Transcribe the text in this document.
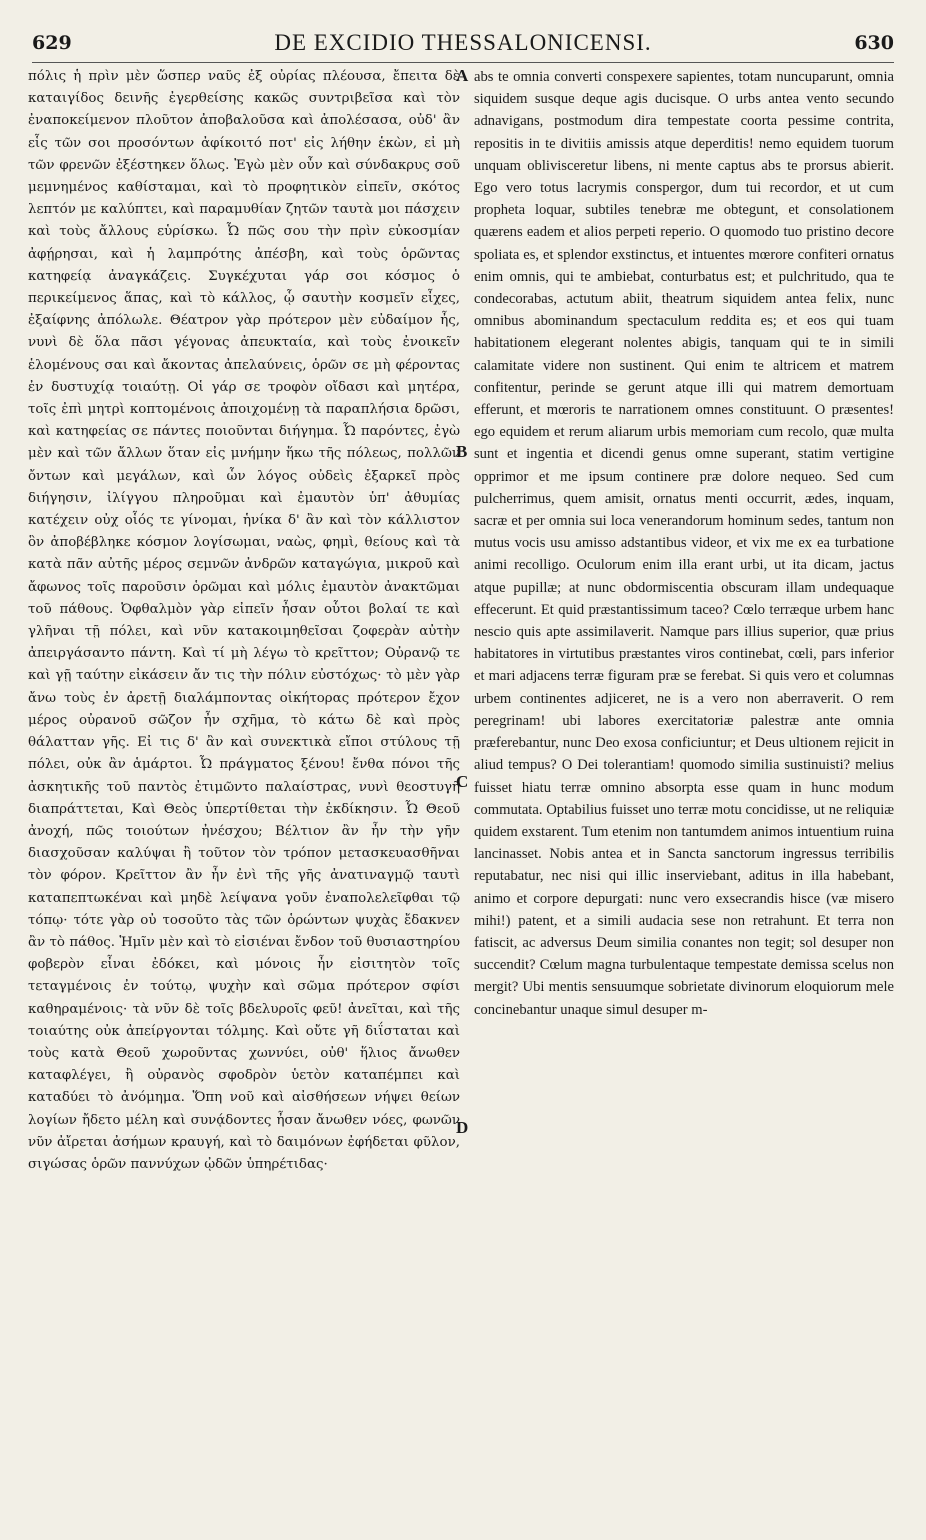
629	DE EXCIDIO THESSALONICENSI.	630

πόλις ἡ πρὶν μὲν ὥσπερ ναῦς ἐξ οὐρίας πλέουσα, ἔπειτα δὲ καταιγίδος δεινῆς ἐγερθείσης κακῶς συντριβεῖσα καὶ τὸν ἐναποκείμενον πλοῦτον ἀποβαλοῦσα καὶ ἀπολέσασα, οὐδ' ἂν εἷς τῶν σοι προσόντων ἀφίκοιτό ποτ' εἰς λήθην ἑκὼν, εἰ μὴ τῶν φρενῶν ἐξέστηκεν ὅλως. Ἐγὼ μὲν οὖν καὶ σύνδακρυς σοῦ μεμνημένος καθίσταμαι, καὶ τὸ προφητικὸν εἰπεῖν, σκότος λεπτόν με καλύπτει, καὶ παραμυθίαν ζητῶν ταυτὰ μοι πάσχειν καὶ τοὺς ἄλλους εὑρίσκω. Ὦ πῶς σου τὴν πρὶν εὐκοσμίαν ἀφῄρησαι, καὶ ἡ λαμπρότης ἀπέσβη, καὶ τοὺς ὁρῶντας κατηφείᾳ ἀναγκάζεις. Συγκέχυται γάρ σοι κόσμος ὁ περικείμενος ἅπας, καὶ τὸ κάλλος, ᾧ σαυτὴν κοσμεῖν εἶχες, ἐξαίφνης ἀπόλωλε. Θέατρον γὰρ πρότερον μὲν εὐδαίμον ἦς, νυνὶ δὲ ὅλα πᾶσι γέγονας ἀπευκταία, καὶ τοὺς ἐνοικεῖν ἑλομένους σαι καὶ ἄκοντας ἀπελαύνεις, ὁρῶν σε μὴ φέροντας ἐν δυστυχίᾳ τοιαύτῃ. Οἱ γάρ σε τροφὸν οἴδασι καὶ μητέρα, τοῖς ἐπὶ μητρὶ κοπτομένοις ἀποιχομένῃ τὰ παραπλήσια δρῶσι, καὶ κατηφείας σε πάντες ποιοῦνται διήγημα. Ὦ παρόντες, ἐγὼ μὲν καὶ τῶν ἄλλων ὅταν εἰς μνήμην ἥκω τῆς πόλεως, πολλῶν ὄντων καὶ μεγάλων, καὶ ὧν λόγος οὐδεὶς ἐξαρκεῖ πρὸς διήγησιν, ἰλίγγου πληροῦμαι καὶ ἐμαυτὸν ὑπ' ἀθυμίας κατέχειν οὐχ οἷός τε γίνομαι, ἡνίκα δ' ἂν καὶ τὸν κάλλιστον ὃν ἀποβέβληκε κόσμον λογίσωμαι, ναὼς, φημὶ, θείους καὶ τὰ κατὰ πᾶν αὐτῆς μέρος σεμνῶν ἀνδρῶν καταγώγια, μικροῦ καὶ ἄφωνος τοῖς παροῦσιν ὁρῶμαι καὶ μόλις ἐμαυτὸν ἀνακτῶμαι τοῦ πάθους. Ὀφθαλμὸν γὰρ εἰπεῖν ἦσαν οὗτοι βολαί τε καὶ γλῆναι τῇ πόλει, καὶ νῦν κατακοιμηθεῖσαι ζοφερὰν αὐτὴν ἀπειργάσαντο πάντη. Καὶ τί μὴ λέγω τὸ κρεῖττον; Οὐρανῷ τε καὶ γῇ ταύτην εἰκάσειν ἄν τις τὴν πόλιν εὐστόχως· τὸ μὲν γὰρ ἄνω τοὺς ἐν ἀρετῇ διαλάμποντας οἰκήτορας πρότερον ἔχον μέρος οὐρανοῦ σῶζον ἦν σχῆμα, τὸ κάτω δὲ καὶ πρὸς θάλατταν γῆς. Εἰ τις δ' ἂν καὶ συνεκτικὰ εἴποι στύλους τῇ πόλει, οὐκ ἂν ἁμάρτοι. Ὦ πράγματος ξένου! ἔνθα πόνοι τῆς ἀσκητικῆς τοῦ παντὸς ἐτιμῶντο παλαίστρας, νυνὶ θεοστυγῆ διαπράττεται, Καὶ Θεὸς ὑπερτίθεται τὴν ἐκδίκησιν. Ὦ Θεοῦ ἀνοχή, πῶς τοιούτων ἠνέσχου; Βέλτιον ἂν ἦν τὴν γῆν διασχοῦσαν καλύψαι ἢ τοῦτον τὸν τρόπον μετασκευασθῆναι τὸν φόρον. Κρεῖττον ἂν ἦν ἐνὶ τῆς γῆς ἀνατιναγμῷ ταυτὶ καταπεπτωκέναι καὶ μηδὲ λείψανα γοῦν ἐναπολελεῖφθαι τῷ τόπῳ· τότε γὰρ οὐ τοσοῦτο τὰς τῶν ὁρώντων ψυχὰς ἔδακνεν ἂν τὸ πάθος. Ἡμῖν μὲν καὶ τὸ εἰσιέναι ἔνδον τοῦ θυσιαστηρίου φοβερὸν εἶναι ἐδόκει, καὶ μόνοις ἦν εἰσιτητὸν τοῖς τεταγμένοις ἐν τούτῳ, ψυχὴν καὶ σῶμα πρότερον σφίσι καθηραμένοις· τὰ νῦν δὲ τοῖς βδελυροῖς φεῦ! ἀνεῖται, καὶ τῆς τοιαύτης οὐκ ἀπείργονται τόλμης. Καὶ οὔτε γῆ διΐσταται καὶ τοὺς κατὰ Θεοῦ χωροῦντας χωννύει, οὐθ' ἥλιος ἄνωθεν καταφλέγει, ἢ οὐρανὸς σφοδρὸν ὑετὸν καταπέμπει καὶ καταδύει τὸ ἀνόμημα. Ὅπη νοῦ καὶ αἰσθήσεων νήψει θείων λογίων ἤδετο μέλη καὶ συνᾴδοντες ἦσαν ἄνωθεν νόες, φωνῶν νῦν ἀἴρεται ἀσήμων κραυγή, καὶ τὸ δαιμόνων ἐφήδεται φῦλον, σιγώσας ὁρῶν παννύχων ᾠδῶν ὑπηρέτιδας·

A
B
C
D

abs te omnia converti conspexere sapientes, totam nuncuparunt, omnia siquidem susque deque agis ducisque. O urbs antea vento secundo adnavigans, postmodum dira tempestate coorta pessime contrita, repositis in te divitiis amissis atque deperditis! nemo equidem tuorum unquam oblivisceretur libens, ni mente captus abs te prorsus abierit. Ego vero totus lacrymis conspergor, dum tui recordor, et ut cum propheta loquar, subtiles tenebræ me obtegunt, et consolationem quærens eadem et alios perpeti reperio. O quomodo tuo pristino decore spoliata es, et splendor exstinctus, et intuentes mœrore confiteri ornatus enim omnis, qui te ambiebat, conturbatus est; et pulchritudo, qua te condecorabas, actutum abiit, theatrum siquidem antea felix, nunc omnibus abominandum spectaculum reddita es; et eos qui tuam habitationem elegerant nolentes abigis, tanquam qui te in simili calamitate videre non sustinent. Qui enim te altricem et matrem confitentur, perinde se gerunt atque illi qui matrem demortuam efferunt, et mœroris te narrationem omnes constituunt. O præsentes! ego equidem et rerum aliarum urbis memoriam cum recolo, quæ multa sunt et ingentia et dicendi genus omne superant, statim vertigine opprimor et me ipsum continere præ dolore nequeo. Sed cum pulcherrimus, quem amisit, ornatus menti occurrit, ædes, inquam, sacræ et per omnia sui loca venerandorum hominum sedes, tantum non mutus vocis usu amisso adstantibus videor, et vix me ex ea turbatione animi recolligo. Oculorum enim illa erant urbi, ut ita dicam, jactus atque pupillæ; at nunc obdormiscentia obscuram illam undequaque effecerunt. Et quid præstantissimum taceo? Cœlo terræque urbem hanc nescio quis apte assimilaverit. Namque pars illius superior, quæ prius habitatores in virtutibus præstantes viros continebat, cœli, pars inferior et mari adjacens terræ figuram præ se ferebat. Si quis vero et columnas urbem continentes adjiceret, ne is a vero non aberraverit. O rem peregrinam! ubi labores exercitatoriæ palestræ ante omnia præferebantur, nunc Deo exosa conficiuntur; et Deus ultionem rejicit in aliud tempus? O Dei tolerantiam! quomodo similia sustinuisti? melius fuisset hiatu terræ omnino absorpta esse quam in hunc modum commutata. Optabilius fuisset uno terræ motu concidisse, ut ne reliquiæ quidem exstarent. Tum etenim non tantumdem animos intuentium ruina lancinasset. Nobis antea et in Sancta sanctorum ingressus terribilis reputabatur, nec nisi qui illic inserviebant, aditus in illa habebant, animo et corpore depurgati: nunc vero exsecrandis hisce (væ misero mihi!) patent, et a simili audacia sese non retrahunt. Et terra non fatiscit, ac adversus Deum similia conantes non tegit; sol desuper non succendit? Cœlum magna turbulentaque tempestate demissa scelus non mergit? Ubi mentis sensuumque sobrietate divinorum eloquiorum mele concinebantur unaque simul desuper m-
